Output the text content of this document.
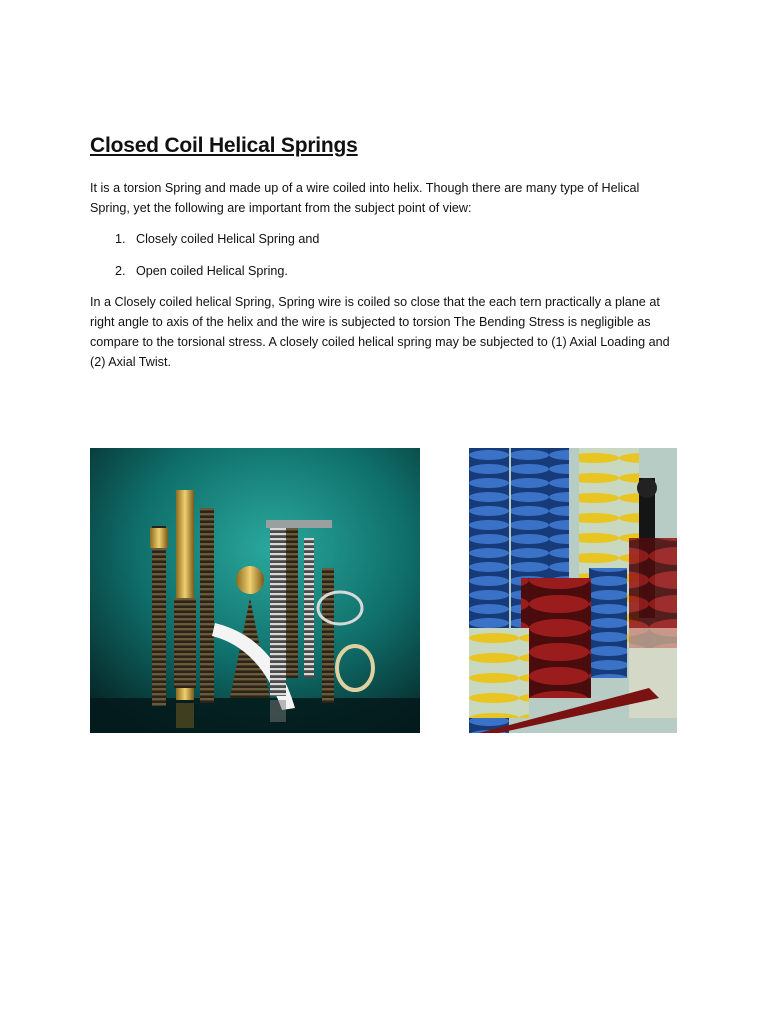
Closed Coil Helical Springs

It is a torsion Spring and made up of a wire coiled into helix. Though there are many type of Helical Spring, yet the following are important from the subject point of view:

1. Closely coiled Helical Spring and
2. Open coiled Helical Spring.

In a Closely coiled helical Spring, Spring wire is coiled so close that the each tern practically a plane at right angle to axis of the helix and the wire is subjected to torsion The Bending Stress is negligible as compare to the torsional stress. A closely coiled helical spring may be subjected to (1) Axial Loading and (2) Axial Twist.
